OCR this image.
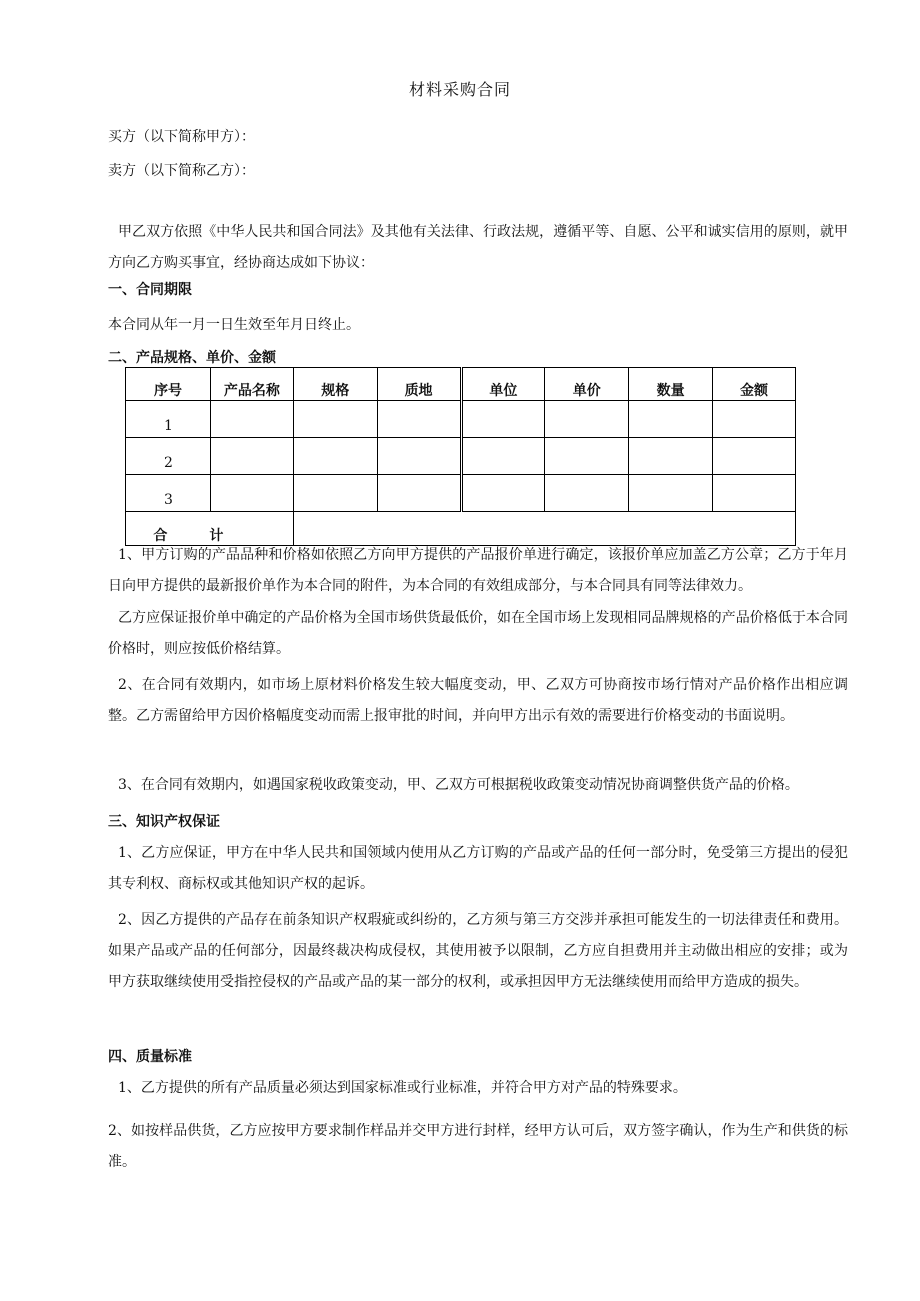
材料采购合同
买方（以下简称甲方）：
卖方（以下简称乙方）：
甲乙双方依照《中华人民共和国合同法》及其他有关法律、行政法规，遵循平等、自愿、公平和诚实信用的原则，就甲方向乙方购买事宜，经协商达成如下协议：
一、合同期限
本合同从年一月一日生效至年月日终止。
二、产品规格、单价、金额
序号	产品名称	规格	质地	单位	单价	数量	金额
1							
2							
3							
合计							
1、甲方订购的产品品种和价格如依照乙方向甲方提供的产品报价单进行确定，该报价单应加盖乙方公章；乙方于年月日向甲方提供的最新报价单作为本合同的附件，为本合同的有效组成部分，与本合同具有同等法律效力。
乙方应保证报价单中确定的产品价格为全国市场供货最低价，如在全国市场上发现相同品牌规格的产品价格低于本合同价格时，则应按低价格结算。
2、在合同有效期内，如市场上原材料价格发生较大幅度变动，甲、乙双方可协商按市场行情对产品价格作出相应调整。乙方需留给甲方因价格幅度变动而需上报审批的时间，并向甲方出示有效的需要进行价格变动的书面说明。
3、在合同有效期内，如遇国家税收政策变动，甲、乙双方可根据税收政策变动情况协商调整供货产品的价格。
三、知识产权保证
1、乙方应保证，甲方在中华人民共和国领域内使用从乙方订购的产品或产品的任何一部分时，免受第三方提出的侵犯其专利权、商标权或其他知识产权的起诉。
2、因乙方提供的产品存在前条知识产权瑕疵或纠纷的，乙方须与第三方交涉并承担可能发生的一切法律责任和费用。如果产品或产品的任何部分，因最终裁决构成侵权，其使用被予以限制，乙方应自担费用并主动做出相应的安排；或为甲方获取继续使用受指控侵权的产品或产品的某一部分的权利，或承担因甲方无法继续使用而给甲方造成的损失。
四、质量标准
1、乙方提供的所有产品质量必须达到国家标准或行业标准，并符合甲方对产品的特殊要求。
2、如按样品供货，乙方应按甲方要求制作样品并交甲方进行封样，经甲方认可后，双方签字确认，作为生产和供货的标准。
